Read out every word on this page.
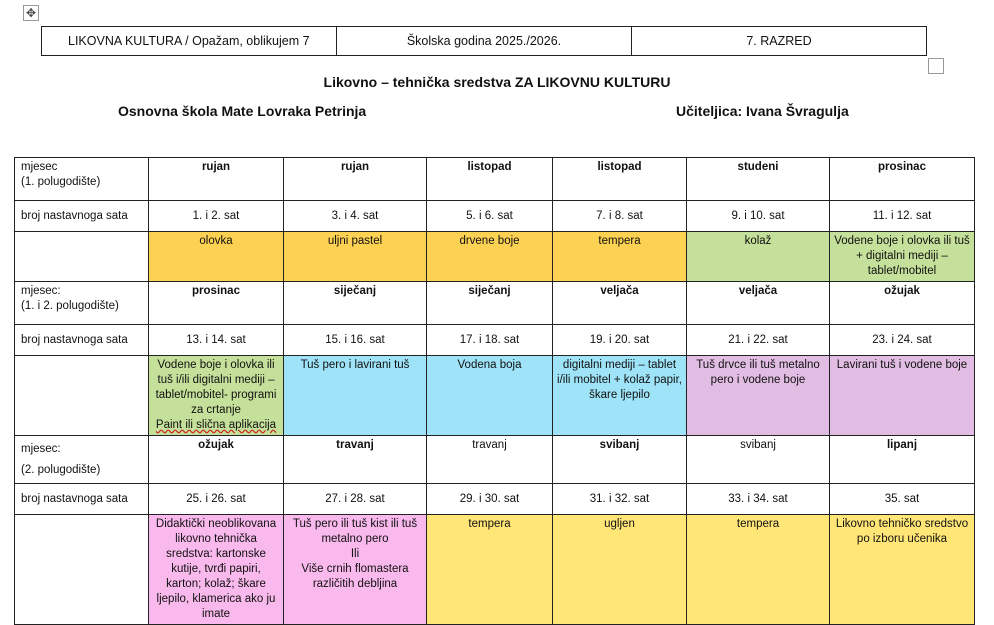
✥
LIKOVNA KULTURA / Opažam, oblikujem 7	Školska godina 2025./2026.	7. RAZRED
Likovno – tehnička sredstva ZA LIKOVNU KULTURU
Osnovna škola Mate Lovraka Petrinja	Učiteljica: Ivana Švragulja
mjesec
(1. polugodište)	rujan	rujan	listopad	listopad	studeni	prosinac
broj nastavnoga sata	1. i 2. sat	3. i 4. sat	5. i 6. sat	7. i 8. sat	9. i 10. sat	11. i 12. sat
	olovka	uljni pastel	drvene boje	tempera	kolaž	Vodene boje i olovka ili tuš + digitalni mediji – tablet/mobitel

mjesec:
(1. i 2. polugodište)	prosinac	siječanj	siječanj	veljača	veljača	ožujak
broj nastavnoga sata	13. i 14. sat	15. i 16. sat	17. i 18. sat	19. i 20. sat	21. i 22. sat	23. i 24. sat

	Vodene boje i olovka ili tuš i/ili digitalni mediji – tablet/mobitel- programi za crtanje
Paint ili slična aplikacija	Tuš pero i lavirani tuš	Vodena boja	digitalni mediji – tablet i/ili mobitel + kolaž papir, škare ljepilo	Tuš drvce ili tuš metalno pero i vodene boje	Lavirani tuš i vodene boje

mjesec:
(2. polugodište)	ožujak	travanj	travanj	svibanj	svibanj	lipanj
broj nastavnoga sata	25. i 26. sat	27. i 28. sat	29. i 30. sat	31. i 32. sat	33. i 34. sat	35. sat
	Didaktički neoblikovana likovno tehnička sredstva: kartonske kutije, tvrđi papiri, karton; kolaž; škare ljepilo, klamerica ako ju imate	Tuš pero ili tuš kist ili tuš metalno pero
Ili
Više crnih flomastera različitih debljina	tempera	ugljen	tempera	Likovno tehničko sredstvo po izboru učenika
